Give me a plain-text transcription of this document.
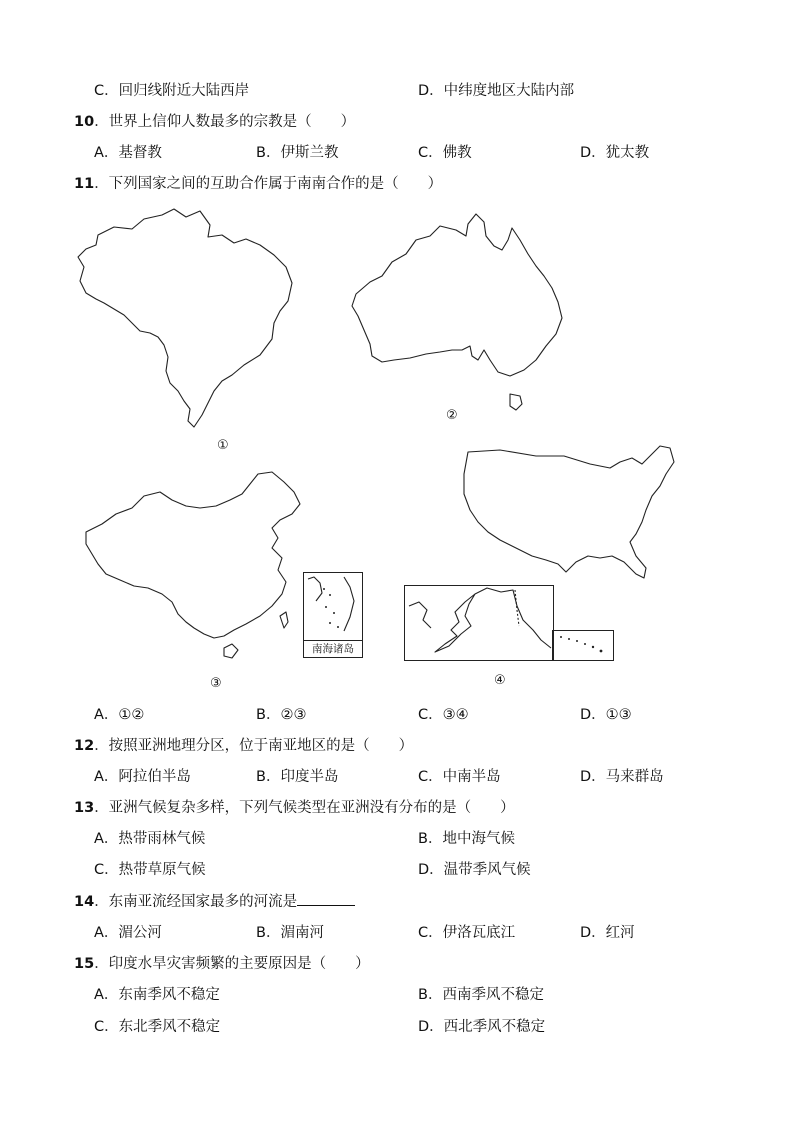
C．回归线附近大陆西岸	D．中纬度地区大陆内部
10．世界上信仰人数最多的宗教是（　　）
A．基督教	B．伊斯兰教	C．佛教	D．犹太教
11．下列国家之间的互助合作属于南南合作的是（　　）
①
②
南海诸岛
③	④
A．①②	B．②③	C．③④	D．①③
12．按照亚洲地理分区，位于南亚地区的是（　　）
A．阿拉伯半岛	B．印度半岛	C．中南半岛	D．马来群岛
13．亚洲气候复杂多样，下列气候类型在亚洲没有分布的是（　　）
A．热带雨林气候	B．地中海气候
C．热带草原气候	D．温带季风气候
14．东南亚流经国家最多的河流是
A．湄公河	B．湄南河	C．伊洛瓦底江	D．红河
15．印度水旱灾害频繁的主要原因是（　　）
A．东南季风不稳定	B．西南季风不稳定
C．东北季风不稳定	D．西北季风不稳定
